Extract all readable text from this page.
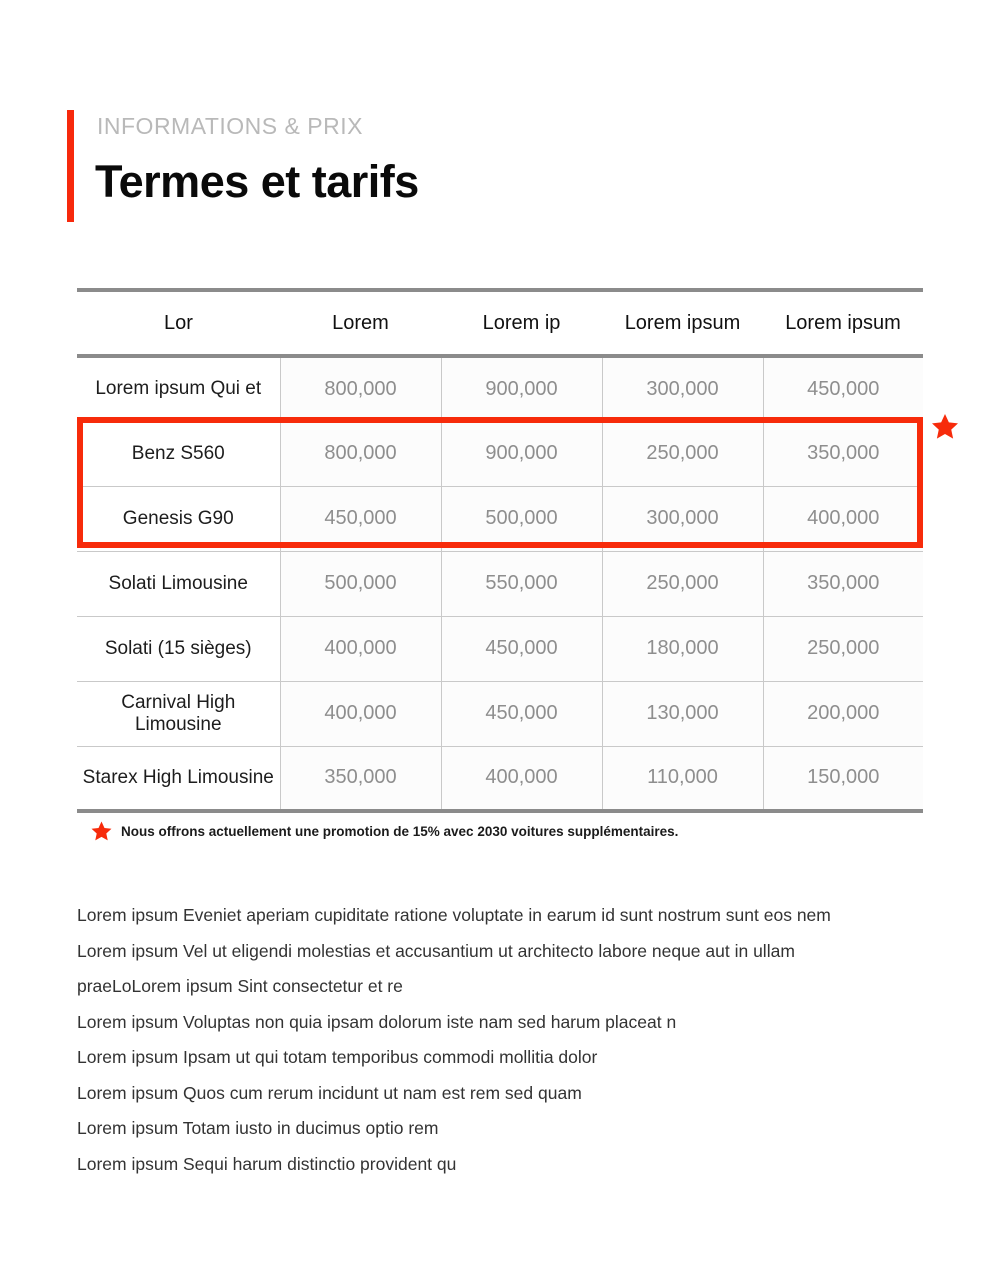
INFORMATIONS & PRIX
Termes et tarifs
Lor	Lorem	Lorem ip	Lorem ipsum	Lorem ipsum
Lorem ipsum Qui et	800,000	900,000	300,000	450,000
Benz S560	800,000	900,000	250,000	350,000
Genesis G90	450,000	500,000	300,000	400,000
Solati Limousine	500,000	550,000	250,000	350,000
Solati (15 sièges)	400,000	450,000	180,000	250,000
Carnival High Limousine	400,000	450,000	130,000	200,000
Starex High Limousine	350,000	400,000	110,000	150,000
Nous offrons actuellement une promotion de 15% avec 2030 voitures supplémentaires.
Lorem ipsum Eveniet aperiam cupiditate ratione voluptate in earum id sunt nostrum sunt eos nem
Lorem ipsum Vel ut eligendi molestias et accusantium ut architecto labore neque aut in ullam
praeLoLorem ipsum Sint consectetur et re
Lorem ipsum Voluptas non quia ipsam dolorum iste nam sed harum placeat n
Lorem ipsum Ipsam ut qui totam temporibus commodi mollitia dolor
Lorem ipsum Quos cum rerum incidunt ut nam est rem sed quam
Lorem ipsum Totam iusto in ducimus optio rem
Lorem ipsum Sequi harum distinctio provident qu
